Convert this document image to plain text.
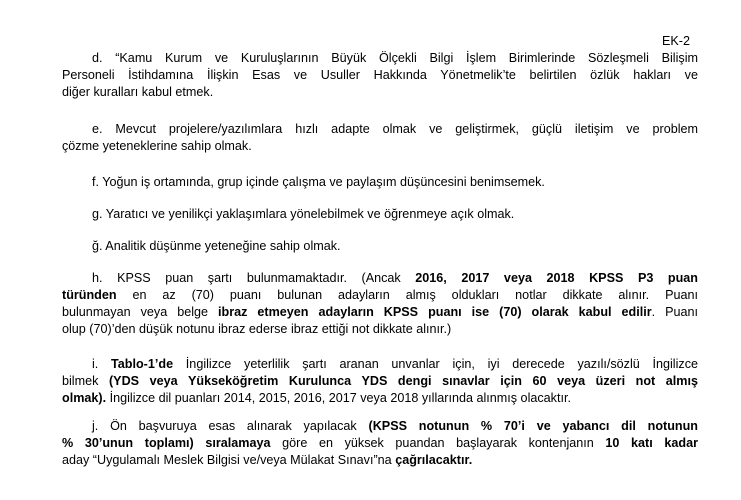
EK-2
d. “Kamu Kurum ve Kuruluşlarının Büyük Ölçekli Bilgi İşlem Birimlerinde Sözleşmeli Bilişim
Personeli İstihdamına İlişkin Esas ve Usuller Hakkında Yönetmelik’te belirtilen özlük hakları ve
diğer kuralları kabul etmek.
e. Mevcut projelere/yazılımlara hızlı adapte olmak ve geliştirmek, güçlü iletişim ve problem
çözme yeteneklerine sahip olmak.
f. Yoğun iş ortamında, grup içinde çalışma ve paylaşım düşüncesini benimsemek.
g. Yaratıcı ve yenilikçi yaklaşımlara yönelebilmek ve öğrenmeye açık olmak.
ğ. Analitik düşünme yeteneğine sahip olmak.
h. KPSS puan şartı bulunmamaktadır. (Ancak 2016, 2017 veya 2018 KPSS P3 puan
türünden en az (70) puanı bulunan adayların almış oldukları notlar dikkate alınır. Puanı
bulunmayan veya belge ibraz etmeyen adayların KPSS puanı ise (70) olarak kabul edilir. Puanı
olup (70)’den düşük notunu ibraz ederse ibraz ettiği not dikkate alınır.)
i. Tablo-1’de İngilizce yeterlilik şartı aranan unvanlar için, iyi derecede yazılı/sözlü İngilizce
bilmek (YDS veya Yükseköğretim Kurulunca YDS dengi sınavlar için 60 veya üzeri not almış
olmak). İngilizce dil puanları 2014, 2015, 2016, 2017 veya 2018 yıllarında alınmış olacaktır.
j. Ön başvuruya esas alınarak yapılacak (KPSS notunun % 70’i ve yabancı dil notunun
% 30’unun toplamı) sıralamaya göre en yüksek puandan başlayarak kontenjanın 10 katı kadar
aday “Uygulamalı Meslek Bilgisi ve/veya Mülakat Sınavı”na çağrılacaktır.
